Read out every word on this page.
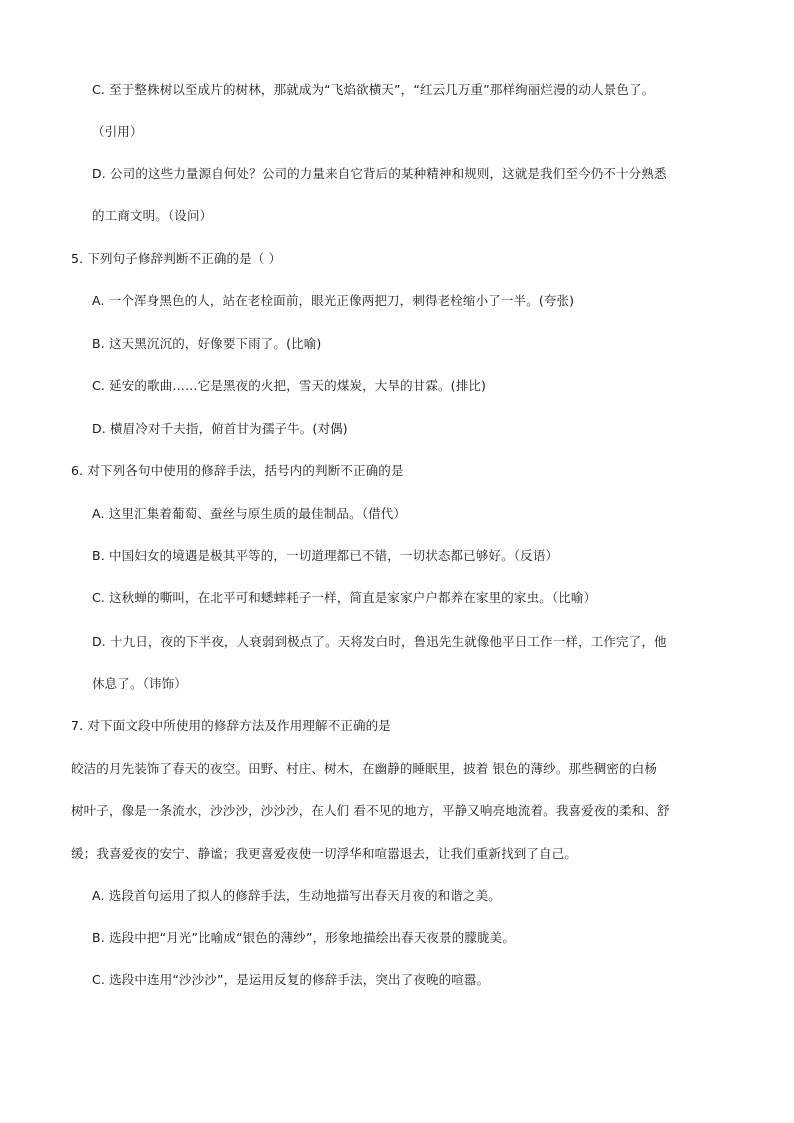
C. 至于整株树以至成片的树林，那就成为“飞焰欲横天”，“红云几万重”那样绚丽烂漫的动人景色了。
（引用）
D. 公司的这些力量源自何处？公司的力量来自它背后的某种精神和规则，这就是我们至今仍不十分熟悉
的工商文明。（设问）
5. 下列句子修辞判断不正确的是（ ）
A. 一个浑身黑色的人，站在老栓面前，眼光正像两把刀，刺得老栓缩小了一半。(夸张)
B. 这天黑沉沉的，好像要下雨了。(比喻)
C. 延安的歌曲……它是黑夜的火把，雪天的煤炭，大旱的甘霖。(排比)
D. 横眉冷对千夫指，俯首甘为孺子牛。(对偶)
6. 对下列各句中使用的修辞手法，括号内的判断不正确的是
A. 这里汇集着葡萄、蚕丝与原生质的最佳制品。（借代）
B. 中国妇女的境遇是极其平等的，一切道理都已不错，一切状态都已够好。（反语）
C. 这秋蝉的嘶叫，在北平可和蟋蟀耗子一样，简直是家家户户都养在家里的家虫。（比喻）
D. 十九日，夜的下半夜，人衰弱到极点了。天将发白时，鲁迅先生就像他平日工作一样，工作完了，他
休息了。（讳饰）
7. 对下面文段中所使用的修辞方法及作用理解不正确的是
皎洁的月先装饰了春天的夜空。田野、村庄、树木，在幽静的睡眠里，披着 银色的薄纱。那些稠密的白杨
树叶子，像是一条流水，沙沙沙，沙沙沙，在人们 看不见的地方，平静又响亮地流着。我喜爱夜的柔和、舒
缓；我喜爱夜的安宁、静谧；我更喜爱夜使一切浮华和喧嚣退去，让我们重新找到了自己。
A. 选段首句运用了拟人的修辞手法，生动地描写出春天月夜的和谐之美。
B. 选段中把“月光”比喻成“银色的薄纱”，形象地描绘出春天夜景的朦胧美。
C. 选段中连用“沙沙沙”，是运用反复的修辞手法，突出了夜晚的喧嚣。
